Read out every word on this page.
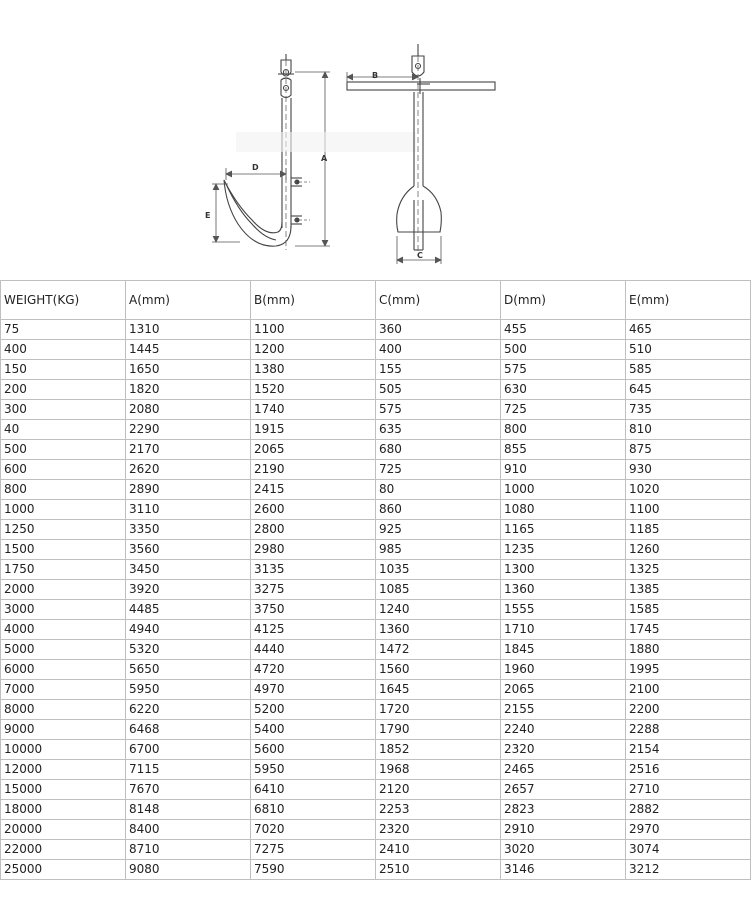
A
D
E
B
C
WEIGHT(KG)	A(mm)	B(mm)	C(mm)	D(mm)	E(mm)
75	1310	1100	360	455	465
400	1445	1200	400	500	510
150	1650	1380	155	575	585
200	1820	1520	505	630	645
300	2080	1740	575	725	735
40	2290	1915	635	800	810
500	2170	2065	680	855	875
600	2620	2190	725	910	930
800	2890	2415	80	1000	1020
1000	3110	2600	860	1080	1100
1250	3350	2800	925	1165	1185
1500	3560	2980	985	1235	1260
1750	3450	3135	1035	1300	1325
2000	3920	3275	1085	1360	1385
3000	4485	3750	1240	1555	1585
4000	4940	4125	1360	1710	1745
5000	5320	4440	1472	1845	1880
6000	5650	4720	1560	1960	1995
7000	5950	4970	1645	2065	2100
8000	6220	5200	1720	2155	2200
9000	6468	5400	1790	2240	2288
10000	6700	5600	1852	2320	2154
12000	7115	5950	1968	2465	2516
15000	7670	6410	2120	2657	2710
18000	8148	6810	2253	2823	2882
20000	8400	7020	2320	2910	2970
22000	8710	7275	2410	3020	3074
25000	9080	7590	2510	3146	3212
